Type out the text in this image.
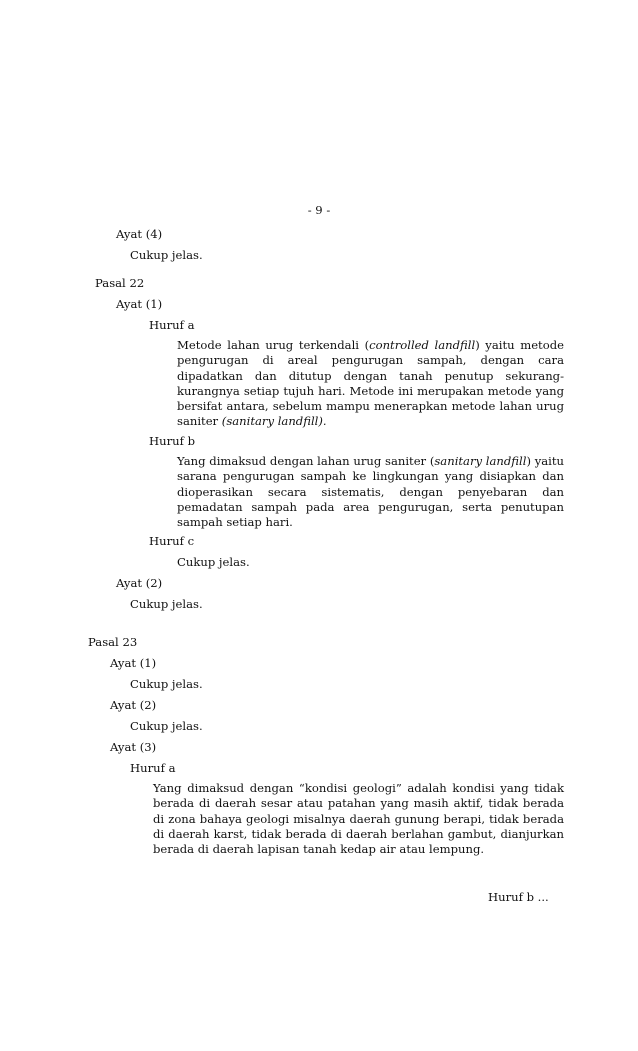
- 9 -
Ayat (4)
Cukup jelas.
Pasal 22
Ayat (1)
Huruf a

Metode lahan urug terkendali (controlled landfill) yaitu metode pengurugan di areal pengurugan sampah, dengan cara dipadatkan dan ditutup dengan tanah penutup sekurang-kurangnya setiap tujuh hari. Metode ini merupakan metode yang bersifat antara, sebelum mampu menerapkan metode lahan urug saniter (sanitary landfill).

Huruf b

Yang dimaksud dengan lahan urug saniter (sanitary landfill) yaitu sarana pengurugan sampah ke lingkungan yang disiapkan dan dioperasikan secara sistematis, dengan penyebaran dan pemadatan sampah pada area pengurugan, serta penutupan sampah setiap hari.

Huruf c
Cukup jelas.
Ayat (2)
Cukup jelas.
Pasal 23
Ayat (1)
Cukup jelas.
Ayat (2)
Cukup jelas.
Ayat (3)
Huruf a

Yang dimaksud dengan “kondisi geologi” adalah kondisi yang tidak berada di daerah sesar atau patahan yang masih aktif, tidak berada di zona bahaya geologi misalnya daerah gunung berapi, tidak berada di daerah karst, tidak berada di daerah berlahan gambut, dianjurkan berada di daerah lapisan tanah kedap air atau lempung.

Huruf b ...
